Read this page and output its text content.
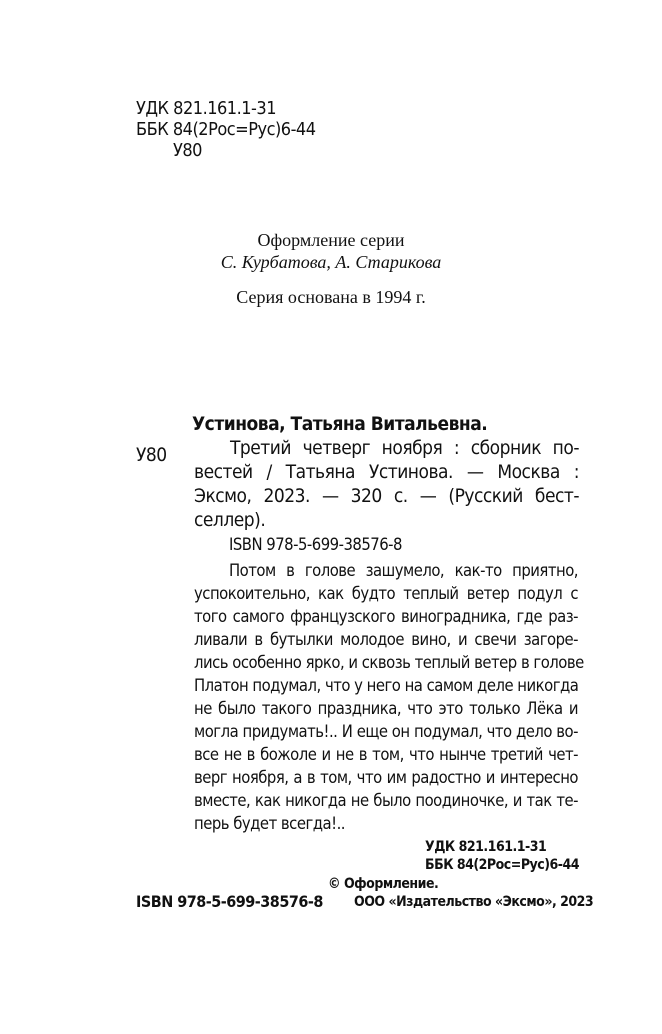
УДК 821.161.1-31
ББК 84(2Рос=Рус)6-44
У80
Оформление серии
С. Курбатова, А. Старикова
Серия основана в 1994 г.
Устинова, Татьяна Витальевна.
У80	Третий четверг ноября : сборник по-
вестей / Татьяна Устинова. — Москва :
Эксмо, 2023. — 320 с. — (Русский бест-
селлер).
ISBN 978-5-699-38576-8
Потом в голове зашумело, как-то приятно,
успокоительно, как будто теплый ветер подул с
того самого французского виноградника, где раз-
ливали в бутылки молодое вино, и свечи загоре-
лись особенно ярко, и сквозь теплый ветер в голове
Платон подумал, что у него на самом деле никогда
не было такого праздника, что это только Лёка и
могла придумать!.. И еще он подумал, что дело во-
все не в божоле и не в том, что нынче третий чет-
верг ноября, а в том, что им радостно и интересно
вместе, как никогда не было поодиночке, и так те-
перь будет всегда!..
УДК 821.161.1-31
ББК 84(2Рос=Рус)6-44
© Оформление.
ISBN 978-5-699-38576-8 ООО «Издательство «Эксмо», 2023
